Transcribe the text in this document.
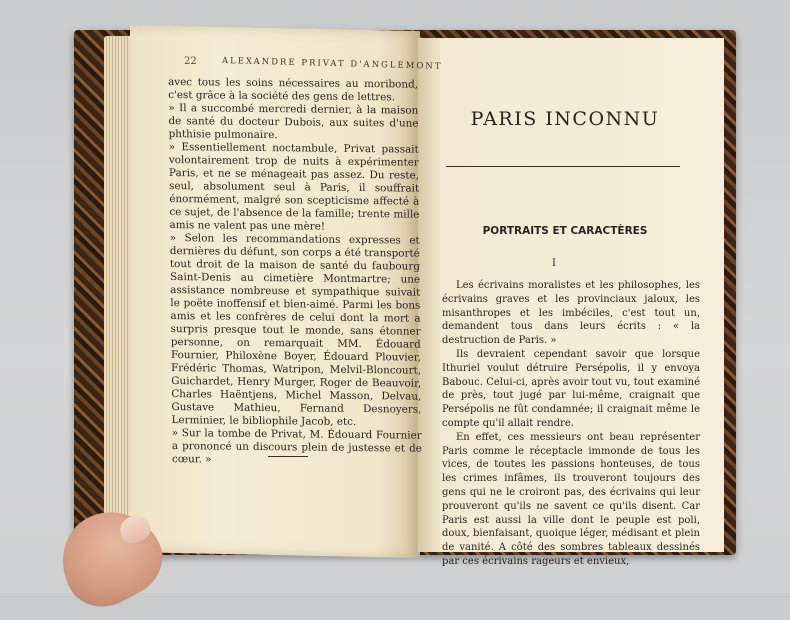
22	ALEXANDRE PRIVAT D'ANGLEMONT

avec tous les soins nécessaires au moribond, c'est grâce à la société des gens de lettres.

» Il a succombé mercredi dernier, à la maison de santé du docteur Dubois, aux suites d'une phthisie pulmonaire.

» Essentiellement noctambule, Privat passait volontairement trop de nuits à expérimenter Paris, et ne se ménageait pas assez. Du reste, seul, absolument seul à Paris, il souffrait énormément, malgré son scepticisme affecté à ce sujet, de l'absence de la famille; trente mille amis ne valent pas une mère!

» Selon les recommandations expresses et dernières du défunt, son corps a été transporté tout droit de la maison de santé du faubourg Saint-Denis au cimetière Montmartre; une assistance nombreuse et sympathique suivait le poëte inoffensif et bien-aimé. Parmi les bons amis et les confrères de celui dont la mort a surpris presque tout le monde, sans étonner personne, on remarquait MM. Édouard Fournier, Philoxène Boyer, Édouard Plouvier, Frédéric Thomas, Watripon, Melvil-Bloncourt, Guichardet, Henry Murger, Roger de Beauvoir, Charles Haëntjens, Michel Masson, Delvau, Gustave Mathieu, Fernand Desnoyers, Lerminier, le bibliophile Jacob, etc.

» Sur la tombe de Privat, M. Édouard Fournier a prononcé un discours plein de justesse et de cœur. »

PARIS INCONNU
PORTRAITS ET CARACTÈRES
I

Les écrivains moralistes et les philosophes, les écrivains graves et les provinciaux jaloux, les misanthropes et les imbéciles, c'est tout un, demandent tous dans leurs écrits : « la destruction de Paris. »

Ils devraient cependant savoir que lorsque Ithuriel voulut détruire Persépolis, il y envoya Babouc. Celui-ci, après avoir tout vu, tout examiné de près, tout jugé par lui-même, craignait que Persépolis ne fût condamnée; il craignait même le compte qu'il allait rendre.

En effet, ces messieurs ont beau représenter Paris comme le réceptacle immonde de tous les vices, de toutes les passions honteuses, de tous les crimes infâmes, ils trouveront toujours des gens qui ne le croiront pas, des écrivains qui leur prouveront qu'ils ne savent ce qu'ils disent. Car Paris est aussi la ville dont le peuple est poli, doux, bienfaisant, quoique léger, médisant et plein de vanité. A côté des sombres tableaux dessinés par ces écrivains rageurs et envieux,
